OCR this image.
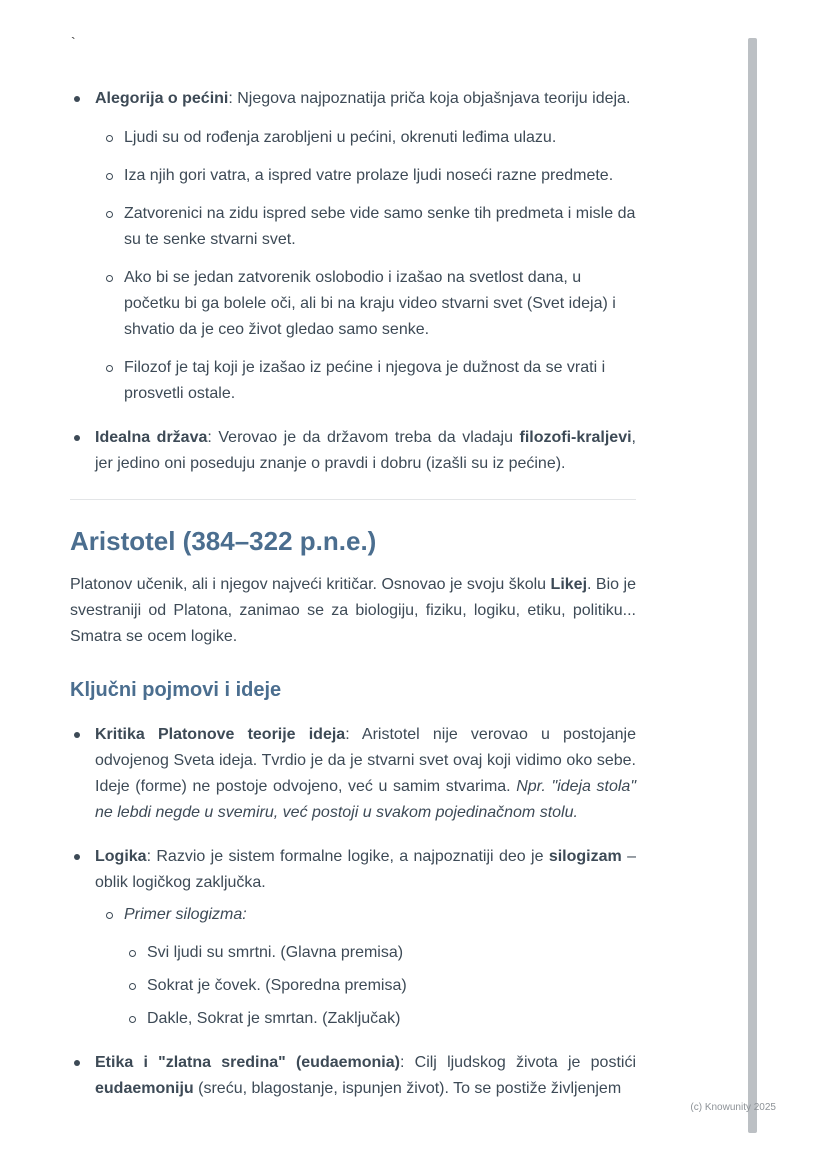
`

Alegorija o pećini: Njegova najpoznatija priča koja objašnjava teoriju ideja.

Ljudi su od rođenja zarobljeni u pećini, okrenuti leđima ulazu.

Iza njih gori vatra, a ispred vatre prolaze ljudi noseći razne predmete.

Zatvorenici na zidu ispred sebe vide samo senke tih predmeta i misle da su te senke stvarni svet.

Ako bi se jedan zatvorenik oslobodio i izašao na svetlost dana, u početku bi ga bolele oči, ali bi na kraju video stvarni svet (Svet ideja) i shvatio da je ceo život gledao samo senke.

Filozof je taj koji je izašao iz pećine i njegova je dužnost da se vrati i prosvetli ostale.

Idealna država: Verovao je da državom treba da vladaju filozofi-kraljevi, jer jedino oni poseduju znanje o pravdi i dobru (izašli su iz pećine).

Aristotel (384–322 p.n.e.)

Platonov učenik, ali i njegov najveći kritičar. Osnovao je svoju školu Likej. Bio je svestraniji od Platona, zanimao se za biologiju, fiziku, logiku, etiku, politiku... Smatra se ocem logike.

Ključni pojmovi i ideje

Kritika Platonove teorije ideja: Aristotel nije verovao u postojanje odvojenog Sveta ideja. Tvrdio je da je stvarni svet ovaj koji vidimo oko sebe. Ideje (forme) ne postoje odvojeno, već u samim stvarima. Npr. "ideja stola" ne lebdi negde u svemiru, već postoji u svakom pojedinačnom stolu.

Logika: Razvio je sistem formalne logike, a najpoznatiji deo je silogizam – oblik logičkog zaključka.

Primer silogizma:

Svi ljudi su smrtni. (Glavna premisa)

Sokrat je čovek. (Sporedna premisa)

Dakle, Sokrat je smrtan. (Zaključak)

Etika i "zlatna sredina" (eudaemonia): Cilj ljudskog života je postići eudaemoniju (sreću, blagostanje, ispunjen život). To se postiže življenjem

(c) Knowunity 2025
